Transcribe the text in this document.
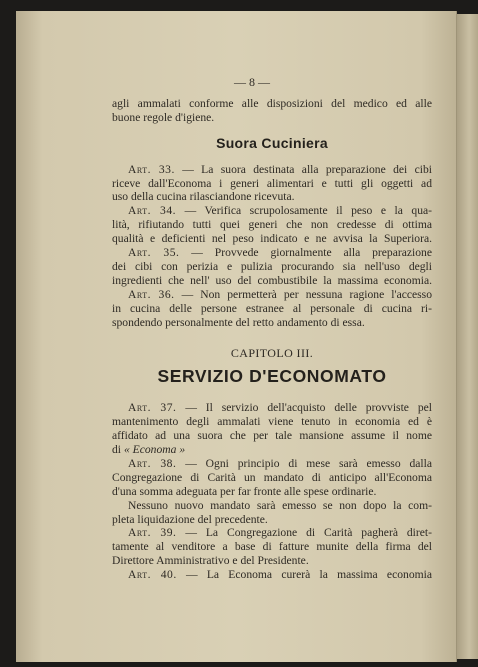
— 8 —
agli ammalati conforme alle disposizioni del medico ed alle
buone regole d'igiene.
Suora Cuciniera
Art. 33. — La suora destinata alla preparazione dei cibi
riceve dall'Economa i generi alimentari e tutti gli oggetti ad
uso della cucina rilasciandone ricevuta.
Art. 34. — Verifica scrupolosamente il peso e la qua-
lità, rifiutando tutti quei generi che non credesse di ottima
qualità e deficienti nel peso indicato e ne avvisa la Superiora.
Art. 35. — Provvede giornalmente alla preparazione
dei cibi con perizia e pulizia procurando sia nell'uso degli
ingredienti che nell' uso del combustibile la massima economia.
Art. 36. — Non permetterà per nessuna ragione l'accesso
in cucina delle persone estranee al personale di cucina ri-
spondendo personalmente del retto andamento di essa.
CAPITOLO III.
SERVIZIO D'ECONOMATO
Art. 37. — Il servizio dell'acquisto delle provviste pel
mantenimento degli ammalati viene tenuto in economia ed è
affidato ad una suora che per tale mansione assume il nome
di « Economa »
Art. 38. — Ogni principio di mese sarà emesso dalla
Congregazione di Carità un mandato di anticipo all'Economa
d'una somma adeguata per far fronte alle spese ordinarie.
Nessuno nuovo mandato sarà emesso se non dopo la com-
pleta liquidazione del precedente.
Art. 39. — La Congregazione di Carità pagherà diret-
tamente al venditore a base di fatture munite della firma del
Direttore Amministrativo e del Presidente.
Art. 40. — La Economa curerà la massima economia
